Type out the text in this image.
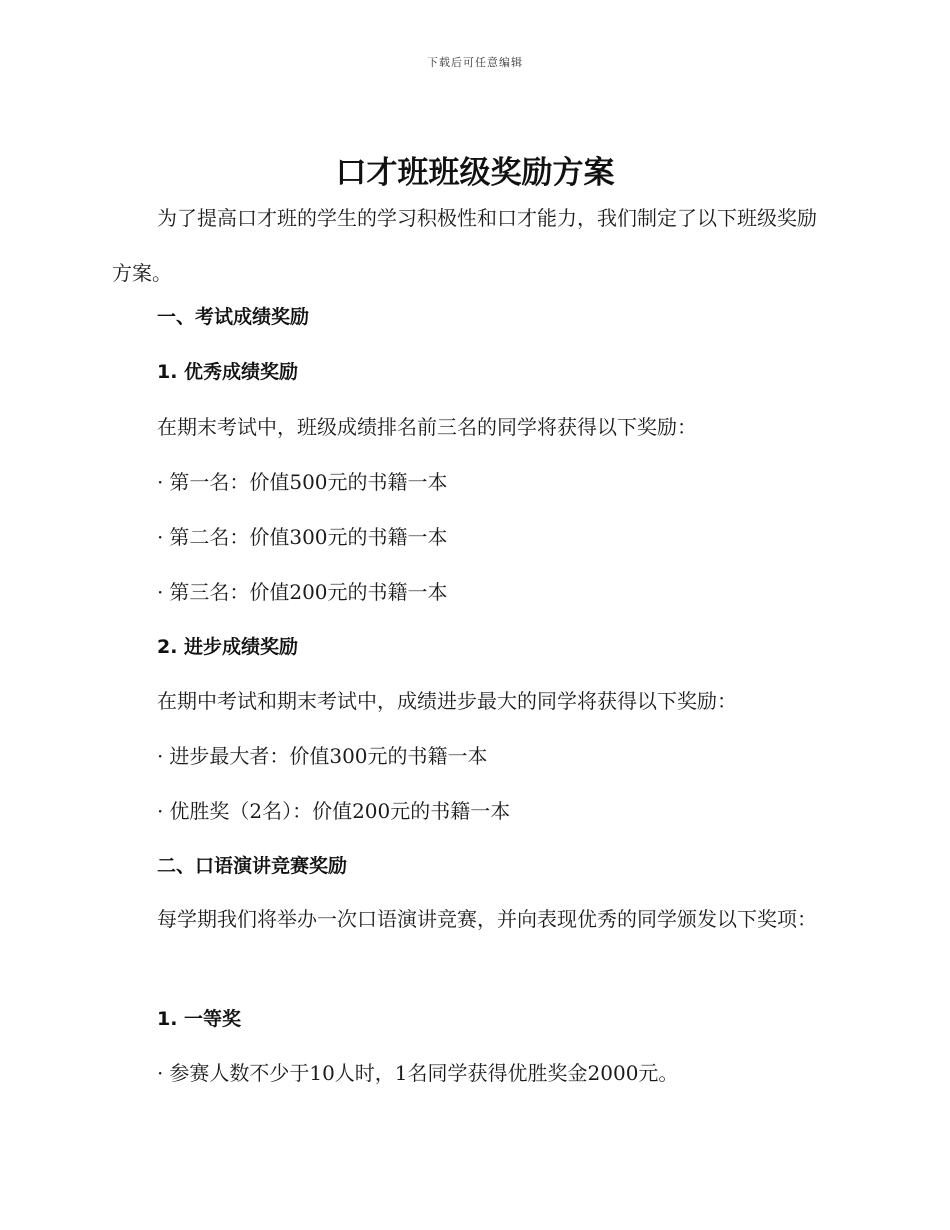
下载后可任意编辑
口才班班级奖励方案
为了提高口才班的学生的学习积极性和口才能力，我们制定了以下班级奖励方案。
一、考试成绩奖励
1. 优秀成绩奖励
在期末考试中，班级成绩排名前三名的同学将获得以下奖励：
· 第一名：价值500元的书籍一本
· 第二名：价值300元的书籍一本
· 第三名：价值200元的书籍一本
2. 进步成绩奖励
在期中考试和期末考试中，成绩进步最大的同学将获得以下奖励：
· 进步最大者：价值300元的书籍一本
· 优胜奖（2名）：价值200元的书籍一本
二、口语演讲竞赛奖励
每学期我们将举办一次口语演讲竞赛，并向表现优秀的同学颁发以下奖项：
1. 一等奖
· 参赛人数不少于10人时，1名同学获得优胜奖金2000元。
